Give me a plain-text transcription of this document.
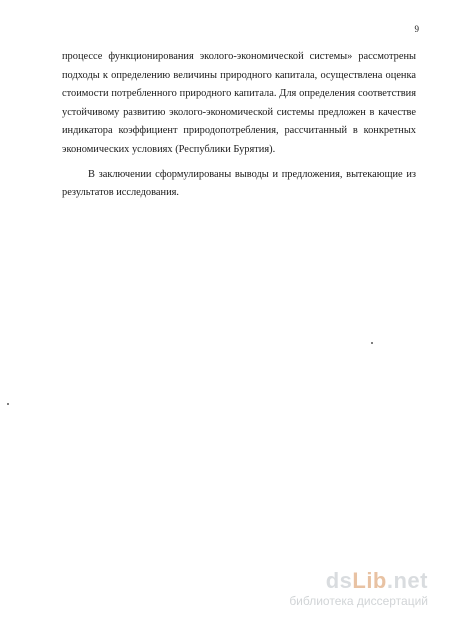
9

процессе функционирования эколого-экономической системы» рассмотрены подходы к определению величины природного капитала, осуществлена оценка стоимости потребленного природного капитала. Для определения соответствия устойчивому развитию эколого-экономической системы предложен в качестве индикатора коэффициент природопотребления, рассчитанный в конкретных экономических условиях (Республики Бурятия).

В заключении сформулированы выводы и предложения, вытекающие из результатов исследования.

dsLib.net
библиотека диссертаций
